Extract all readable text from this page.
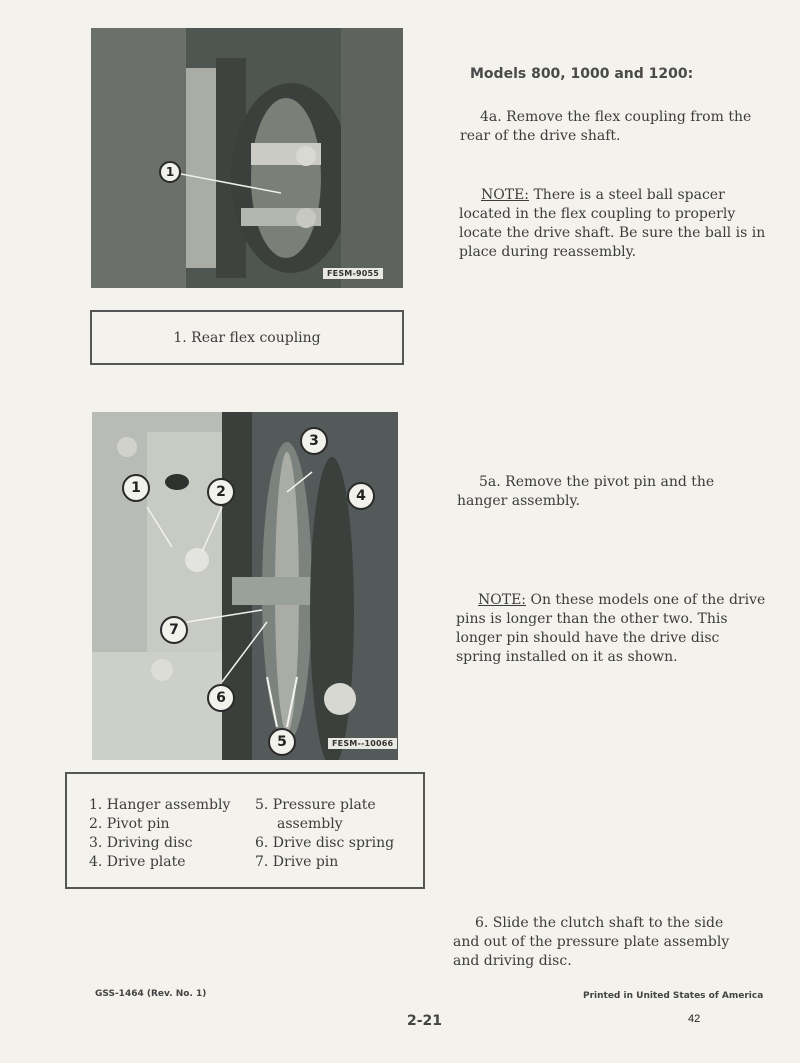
1
FESM-9055
1. Rear flex coupling
Models 800, 1000 and 1200:
4a. Remove the flex coupling from the rear of the drive shaft.
NOTE: There is a steel ball spacer located in the flex coupling to properly locate the drive shaft. Be sure the ball is in place during reassembly.
1	2
3
4
7
6
5	FESM--10066
1. Hanger assembly
2. Pivot pin
3. Driving disc
4. Drive plate
5. Pressure plate
assembly
6. Drive disc spring
7. Drive pin
5a. Remove the pivot pin and the hanger assembly.
NOTE: On these models one of the drive pins is longer than the other two. This longer pin should have the drive disc spring installed on it as shown.
6. Slide the clutch shaft to the side and out of the pressure plate assembly and driving disc.
GSS-1464 (Rev. No. 1)	Printed in United States of America
2-21	42
